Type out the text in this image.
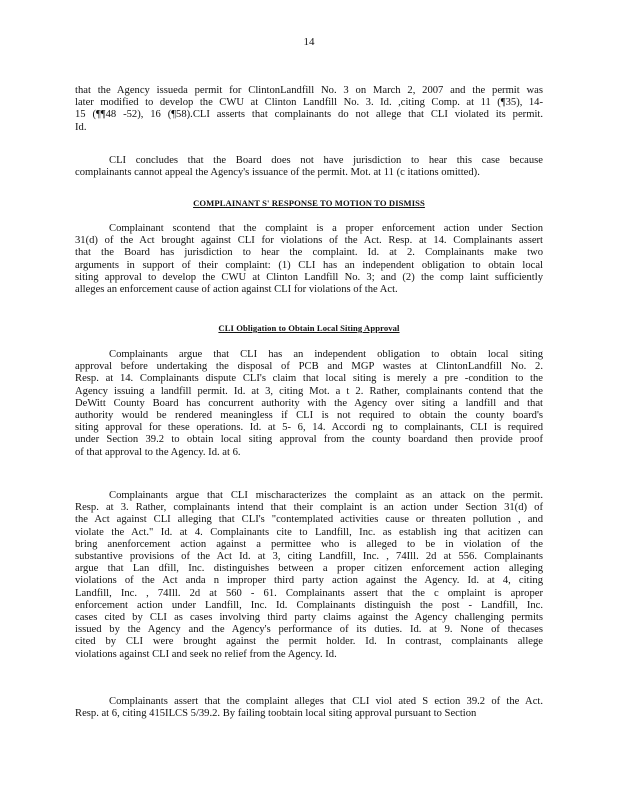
14
that the Agency issueda permit for ClintonLandfill No. 3 on March 2, 2007 and the permit was
later modified to develop the CWU at Clinton Landfill No. 3. Id. ,citing Comp. at 11 (¶35), 14-
15 (¶¶48 -52), 16 (¶58).CLI asserts that complainants do not allege that CLI violated its permit.
Id.
CLI concludes that the Board does not have jurisdiction to hear this case because
complainants cannot appeal the Agency's issuance of the permit. Mot. at 11 (c itations omitted).
COMPLAINANT S' RESPONSE TO MOTION TO DISMISS
Complainant scontend that the complaint is a proper enforcement action under Section
31(d) of the Act brought against CLI for violations of the Act. Resp. at 14. Complainants assert
that the Board has jurisdiction to hear the complaint. Id. at 2. Complainants make two
arguments in support of their complaint: (1) CLI has an independent obligation to obtain local
siting approval to develop the CWU at Clinton Landfill No. 3; and (2) the comp laint sufficiently
alleges an enforcement cause of action against CLI for violations of the Act.
CLI Obligation to Obtain Local Siting Approval
Complainants argue that CLI has an independent obligation to obtain local siting
approval before undertaking the disposal of PCB and MGP wastes at ClintonLandfill No. 2.
Resp. at 14. Complainants dispute CLI's claim that local siting is merely a pre -condition to the
Agency issuing a landfill permit. Id. at 3, citing Mot. a t 2. Rather, complainants contend that the
DeWitt County Board has concurrent authority with the Agency over siting a landfill and that
authority would be rendered meaningless if CLI is not required to obtain the county board's
siting approval for these operations. Id. at 5- 6, 14. Accordi ng to complainants, CLI is required
under Section 39.2 to obtain local siting approval from the county boardand then provide proof
of that approval to the Agency. Id. at 6.
Complainants argue that CLI mischaracterizes the complaint as an attack on the permit.
Resp. at 3. Rather, complainants intend that their complaint is an action under Section 31(d) of
the Act against CLI alleging that CLI's "contemplated activities cause or threaten pollution , and
violate the Act." Id. at 4. Complainants cite to Landfill, Inc. as establish ing that acitizen can
bring anenforcement action against a permittee who is alleged to be in violation of the
substantive provisions of the Act Id. at 3, citing Landfill, Inc. , 74Ill. 2d at 556. Complainants
argue that Lan dfill, Inc. distinguishes between a proper citizen enforcement action alleging
violations of the Act anda n improper third party action against the Agency. Id. at 4, citing
Landfill, Inc. , 74Ill. 2d at 560 - 61. Complainants assert that the c omplaint is aproper
enforcement action under Landfill, Inc. Id. Complainants distinguish the post - Landfill, Inc.
cases cited by CLI as cases involving third party claims against the Agency challenging permits
issued by the Agency and the Agency's performance of its duties. Id. at 9. None of thecases
cited by CLI were brought against the permit holder. Id. In contrast, complainants allege
violations against CLI and seek no relief from the Agency. Id.
Complainants assert that the complaint alleges that CLI viol ated S ection 39.2 of the Act.
Resp. at 6, citing 415ILCS 5/39.2. By failing toobtain local siting approval pursuant to Section
